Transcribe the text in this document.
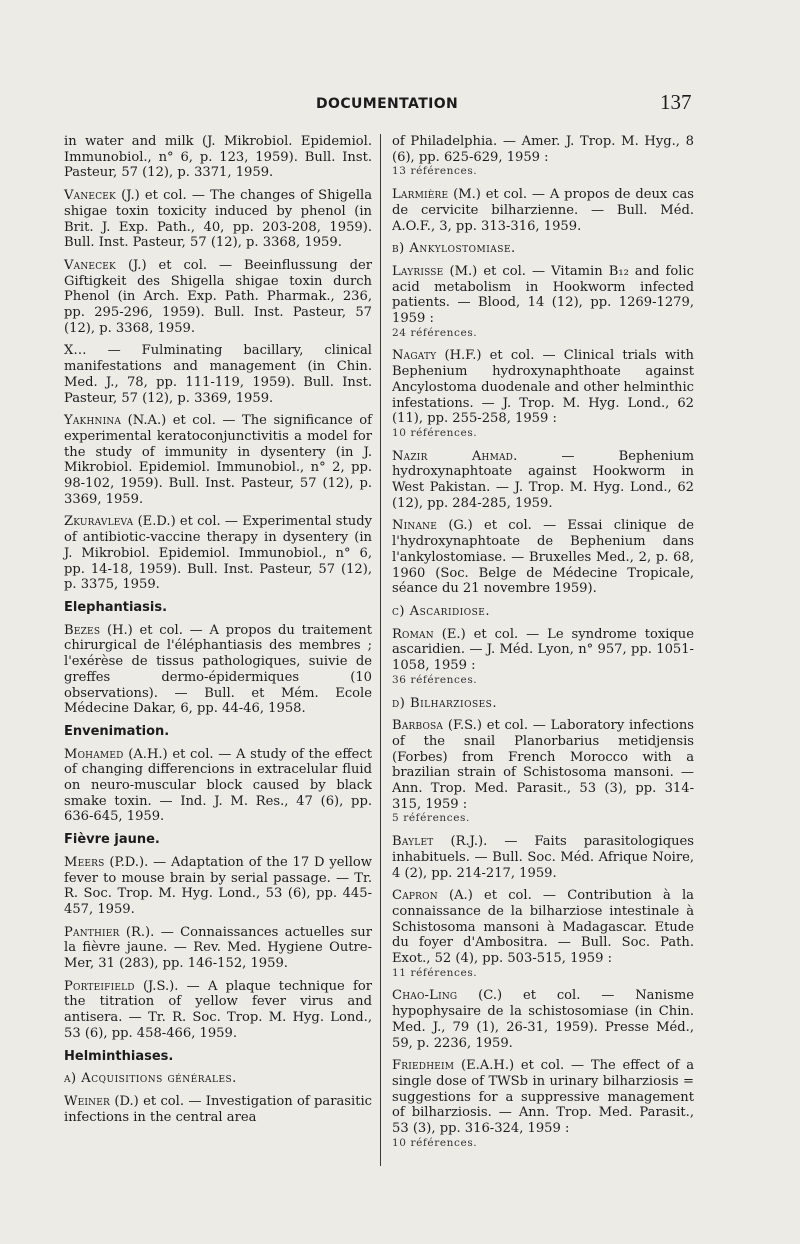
DOCUMENTATION	137

in water and milk (J. Mikrobiol. Epidemiol. Immunobiol., n° 6, p. 123, 1959). Bull. Inst. Pasteur, 57 (12), p. 3371, 1959.

Vanecek (J.) et col. — The changes of Shigella shigae toxin toxicity induced by phenol (in Brit. J. Exp. Path., 40, pp. 203-208, 1959). Bull. Inst. Pasteur, 57 (12), p. 3368, 1959.

Vanecek (J.) et col. — Beeinflussung der Giftigkeit des Shigella shigae toxin durch Phenol (in Arch. Exp. Path. Pharmak., 236, pp. 295-296, 1959). Bull. Inst. Pasteur, 57 (12), p. 3368, 1959.

X... — Fulminating bacillary, clinical manifestations and management (in Chin. Med. J., 78, pp. 111-119, 1959). Bull. Inst. Pasteur, 57 (12), p. 3369, 1959.

Yakhnina (N.A.) et col. — The significance of experimental keratoconjunctivitis a model for the study of immunity in dysentery (in J. Mikrobiol. Epidemiol. Immunobiol., n° 2, pp. 98-102, 1959). Bull. Inst. Pasteur, 57 (12), p. 3369, 1959.

Zkuravleva (E.D.) et col. — Experimental study of antibiotic-vaccine therapy in dysentery (in J. Mikrobiol. Epidemiol. Immunobiol., n° 6, pp. 14-18, 1959). Bull. Inst. Pasteur, 57 (12), p. 3375, 1959.

Elephantiasis.

Bezes (H.) et col. — A propos du traitement chirurgical de l'éléphantiasis des membres ; l'exérèse de tissus pathologiques, suivie de greffes dermo-épidermiques (10 observations). — Bull. et Mém. Ecole Médecine Dakar, 6, pp. 44-46, 1958.

Envenimation.

Mohamed (A.H.) et col. — A study of the effect of changing differencions in extracelular fluid on neuro-muscular block caused by black smake toxin. — Ind. J. M. Res., 47 (6), pp. 636-645, 1959.

Fièvre jaune.

Meers (P.D.). — Adaptation of the 17 D yellow fever to mouse brain by serial passage. — Tr. R. Soc. Trop. M. Hyg. Lond., 53 (6), pp. 445-457, 1959.

Panthier (R.). — Connaissances actuelles sur la fièvre jaune. — Rev. Med. Hygiene Outre-Mer, 31 (283), pp. 146-152, 1959.

Porteifield (J.S.). — A plaque technique for the titration of yellow fever virus and antisera. — Tr. R. Soc. Trop. M. Hyg. Lond., 53 (6), pp. 458-466, 1959.

Helminthiases.
a) Acquisitions générales.

Weiner (D.) et col. — Investigation of parasitic infections in the central area

of Philadelphia. — Amer. J. Trop. M. Hyg., 8 (6), pp. 625-629, 1959 :
13 références.

Larmière (M.) et col. — A propos de deux cas de cervicite bilharzienne. — Bull. Méd. A.O.F., 3, pp. 313-316, 1959.

b) Ankylostomiase.

Layrisse (M.) et col. — Vitamin B₁₂ and folic acid metabolism in Hookworm infected patients. — Blood, 14 (12), pp. 1269-1279, 1959 :
24 références.

Nagaty (H.F.) et col. — Clinical trials with Bephenium hydroxynaphthoate against Ancylostoma duodenale and other helminthic infestations. — J. Trop. M. Hyg. Lond., 62 (11), pp. 255-258, 1959 :
10 références.

Nazir Ahmad. — Bephenium hydroxynaphtoate against Hookworm in West Pakistan. — J. Trop. M. Hyg. Lond., 62 (12), pp. 284-285, 1959.

Ninane (G.) et col. — Essai clinique de l'hydroxynaphtoate de Bephenium dans l'ankylostomiase. — Bruxelles Med., 2, p. 68, 1960 (Soc. Belge de Médecine Tropicale, séance du 21 novembre 1959).

c) Ascaridiose.

Roman (E.) et col. — Le syndrome toxique ascaridien. — J. Méd. Lyon, n° 957, pp. 1051-1058, 1959 :
36 références.

d) Bilharzioses.

Barbosa (F.S.) et col. — Laboratory infections of the snail Planorbarius metidjensis (Forbes) from French Morocco with a brazilian strain of Schistosoma mansoni. — Ann. Trop. Med. Parasit., 53 (3), pp. 314-315, 1959 :
5 références.

Baylet (R.J.). — Faits parasitologiques inhabituels. — Bull. Soc. Méd. Afrique Noire, 4 (2), pp. 214-217, 1959.

Capron (A.) et col. — Contribution à la connaissance de la bilharziose intestinale à Schistosoma mansoni à Madagascar. Etude du foyer d'Ambositra. — Bull. Soc. Path. Exot., 52 (4), pp. 503-515, 1959 :
11 références.

Chao-Ling (C.) et col. — Nanisme hypophysaire de la schistosomiase (in Chin. Med. J., 79 (1), 26-31, 1959). Presse Méd., 59, p. 2236, 1959.

Friedheim (E.A.H.) et col. — The effect of a single dose of TWSb in urinary bilharziosis = suggestions for a suppressive management of bilharziosis. — Ann. Trop. Med. Parasit., 53 (3), pp. 316-324, 1959 :
10 références.
